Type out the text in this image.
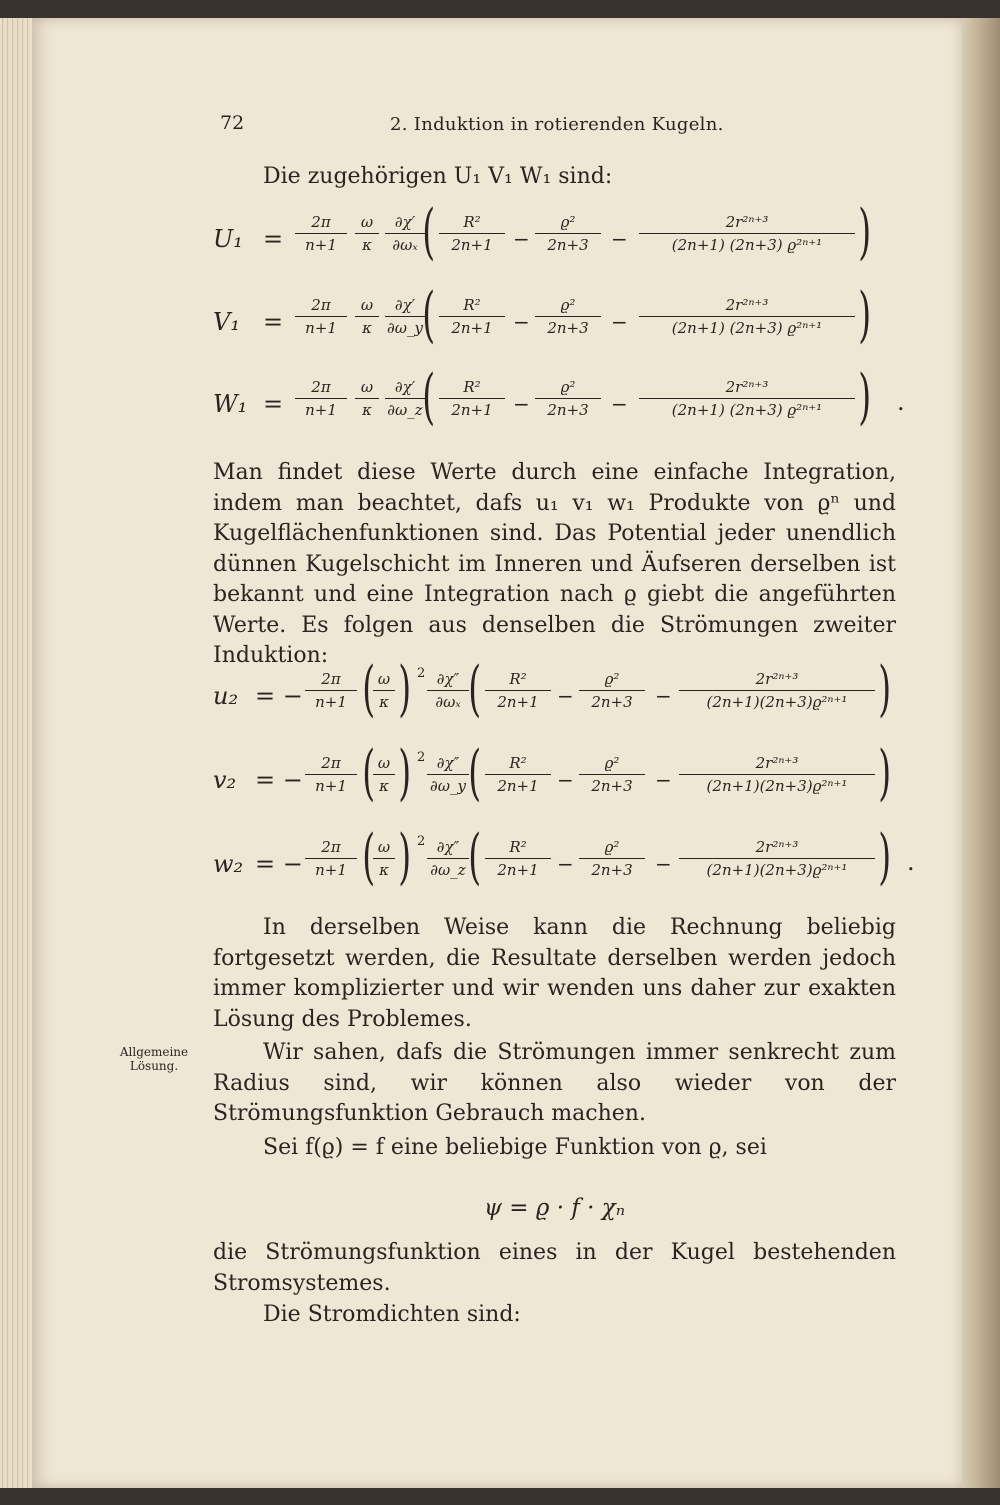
72	2. Induktion in rotierenden Kugeln.
Die zugehörigen U₁ V₁ W₁ sind:
$U_1 = \frac{2\pi}{n+1} \frac{\omega}{\kappa} \frac{\partial\chi'}{\text{∂ωₓ}}$
( $\frac{\text{R²}}{2n+1} - \frac{\text{ϱ²}}{2n+3} - \frac{\text{2r²ⁿ⁺³}}{\text{(2n+1) (2n+3) ϱ²ⁿ⁺¹}}$ )
$V_1 = \frac{2\pi}{n+1} \frac{\omega}{\kappa} \frac{\partial\chi'}{\partial\omega\_y}$
( $\frac{\text{R²}}{2n+1} - \frac{\text{ϱ²}}{2n+3} - \frac{\text{2r²ⁿ⁺³}}{\text{(2n+1) (2n+3) ϱ²ⁿ⁺¹}}$ )
$W_1 = \frac{2\pi}{n+1} \frac{\omega}{\kappa} \frac{\partial\chi'}{\partial\omega\_z}$
( $\frac{\text{R²}}{2n+1} - \frac{\text{ϱ²}}{2n+3} - \frac{\text{2r²ⁿ⁺³}}{\text{(2n+1) (2n+3) ϱ²ⁿ⁺¹}}$ ) .
Man findet diese Werte durch eine einfache Integration, indem man beachtet, dafs u₁ v₁ w₁ Produkte von ϱⁿ und Kugelflächenfunktionen sind. Das Potential jeder unendlich dünnen Kugelschicht im Inneren und Äufseren derselben ist bekannt und eine Integration nach ϱ giebt die angeführten Werte. Es folgen aus denselben die Strömungen zweiter Induktion:
u₂ = − $\frac{2\pi}{n+1}$ (
$\frac{\omega}{\kappa}$ ) $2 \frac{\partial\chi''}{\text{∂ωₓ}}$ ( $\frac{\text{R²}}{2n+1} - \frac{\text{ϱ²}}{2n+3} - \frac{\text{2r²ⁿ⁺³}}{\text{(2n+1)(2n+3)ϱ²ⁿ⁺¹}}$ )
v₂ = − $\frac{2\pi}{n+1}$ (
$\frac{\omega}{\kappa}$ ) $2 \frac{\partial\chi''}{\partial\omega\_y}$ ( $\frac{\text{R²}}{2n+1} - \frac{\text{ϱ²}}{2n+3} - \frac{\text{2r²ⁿ⁺³}}{\text{(2n+1)(2n+3)ϱ²ⁿ⁺¹}}$ )
w₂ = − $\frac{2\pi}{n+1}$ (
$\frac{\omega}{\kappa}$ ) $2 \frac{\partial\chi''}{\partial\omega\_z}$ ( $\frac{\text{R²}}{2n+1} - \frac{\text{ϱ²}}{2n+3} - \frac{\text{2r²ⁿ⁺³}}{\text{(2n+1)(2n+3)ϱ²ⁿ⁺¹}}$ ) .
In derselben Weise kann die Rechnung beliebig fortgesetzt werden, die Resultate derselben werden jedoch immer komplizierter und wir wenden uns daher zur exakten Lösung des Problemes.
Allgemeine Lösung.
Wir sahen, dafs die Strömungen immer senkrecht zum Radius sind, wir können also wieder von der Strömungsfunktion Gebrauch machen.
Sei f(ϱ) = f eine beliebige Funktion von ϱ, sei
ψ = ϱ · f · χₙ
die Strömungsfunktion eines in der Kugel bestehenden Stromsystemes.
Die Stromdichten sind:
